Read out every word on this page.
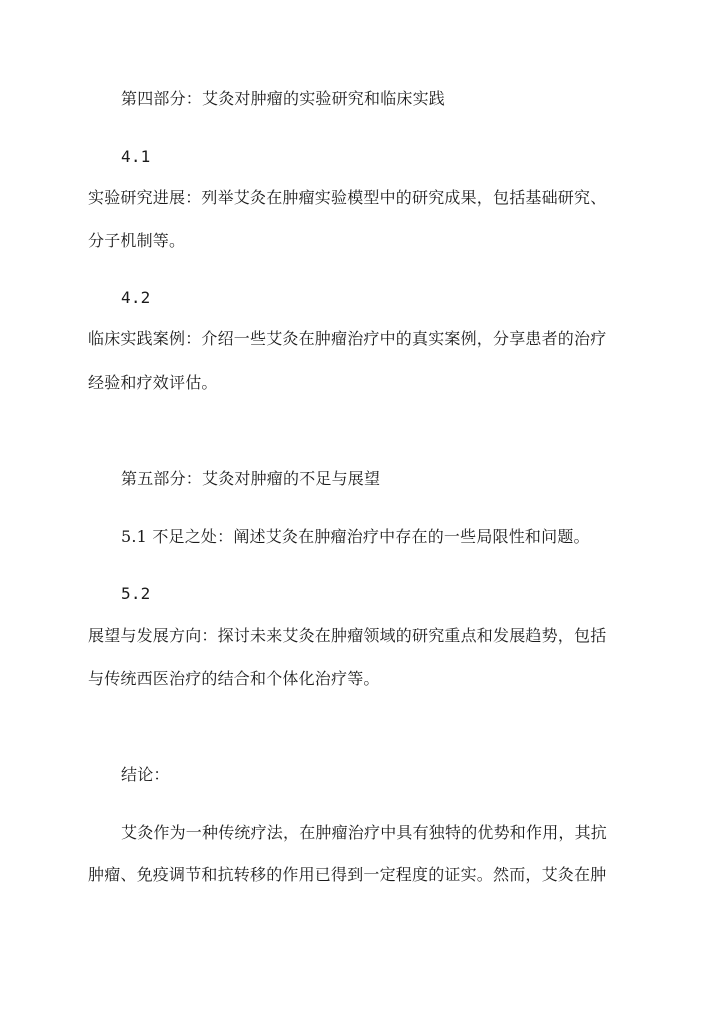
第四部分：艾灸对肿瘤的实验研究和临床实践
4.1
实验研究进展：列举艾灸在肿瘤实验模型中的研究成果，包括基础研究、
分子机制等。
4.2
临床实践案例：介绍一些艾灸在肿瘤治疗中的真实案例，分享患者的治疗
经验和疗效评估。
第五部分：艾灸对肿瘤的不足与展望
5.1 不足之处：阐述艾灸在肿瘤治疗中存在的一些局限性和问题。
5.2
展望与发展方向：探讨未来艾灸在肿瘤领域的研究重点和发展趋势，包括
与传统西医治疗的结合和个体化治疗等。
结论：
艾灸作为一种传统疗法，在肿瘤治疗中具有独特的优势和作用，其抗
肿瘤、免疫调节和抗转移的作用已得到一定程度的证实。然而，艾灸在肿
